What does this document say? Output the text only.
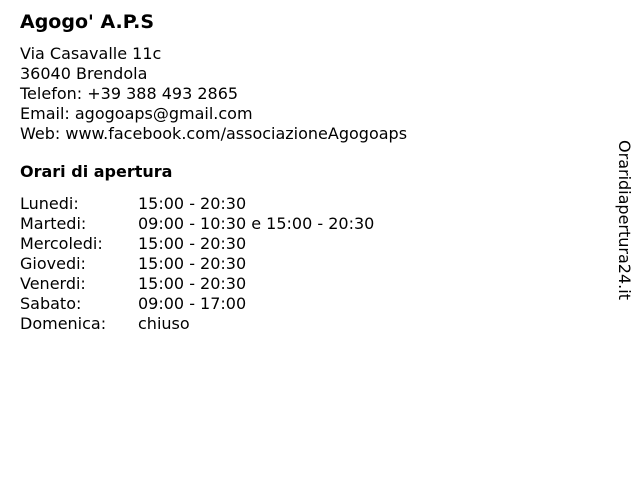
Agogo' A.P.S
Via Casavalle 11c
36040 Brendola
Telefon: +39 388 493 2865
Email: agogoaps@gmail.com
Web: www.facebook.com/associazioneAgogoaps
Orari di apertura
Lunedi:	15:00 - 20:30
Martedi:	09:00 - 10:30 e 15:00 - 20:30
Mercoledi: 15:00 - 20:30
Giovedi:	15:00 - 20:30
Venerdi:	15:00 - 20:30
Sabato:	09:00 - 17:00
Domenica: chiuso
Oraridiapertura24.it
